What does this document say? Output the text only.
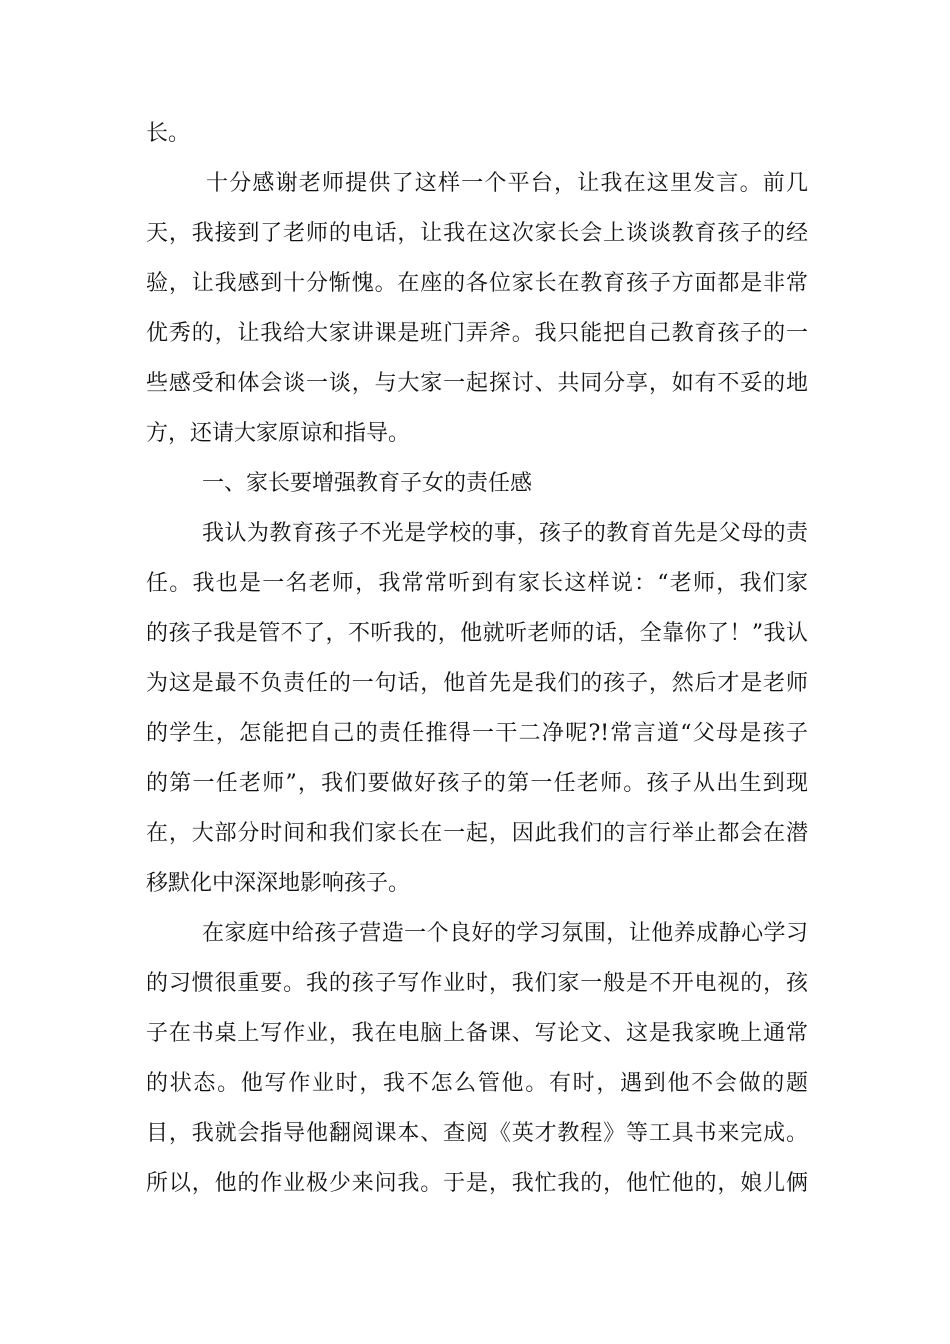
长。
十分感谢老师提供了这样一个平台，让我在这里发言。前几
天，我接到了老师的电话，让我在这次家长会上谈谈教育孩子的经
验，让我感到十分惭愧。在座的各位家长在教育孩子方面都是非常
优秀的，让我给大家讲课是班门弄斧。我只能把自己教育孩子的一
些感受和体会谈一谈，与大家一起探讨、共同分享，如有不妥的地
方，还请大家原谅和指导。
一、家长要增强教育子女的责任感
我认为教育孩子不光是学校的事，孩子的教育首先是父母的责
任。我也是一名老师，我常常听到有家长这样说：“老师，我们家
的孩子我是管不了，不听我的，他就听老师的话，全靠你了！”我认
为这是最不负责任的一句话，他首先是我们的孩子，然后才是老师
的学生，怎能把自己的责任推得一干二净呢?!常言道“父母是孩子
的第一任老师”，我们要做好孩子的第一任老师。孩子从出生到现
在，大部分时间和我们家长在一起，因此我们的言行举止都会在潜
移默化中深深地影响孩子。
在家庭中给孩子营造一个良好的学习氛围，让他养成静心学习
的习惯很重要。我的孩子写作业时，我们家一般是不开电视的，孩
子在书桌上写作业，我在电脑上备课、写论文、这是我家晚上通常
的状态。他写作业时，我不怎么管他。有时，遇到他不会做的题
目，我就会指导他翻阅课本、查阅《英才教程》等工具书来完成。
所以，他的作业极少来问我。于是，我忙我的，他忙他的，娘儿俩
